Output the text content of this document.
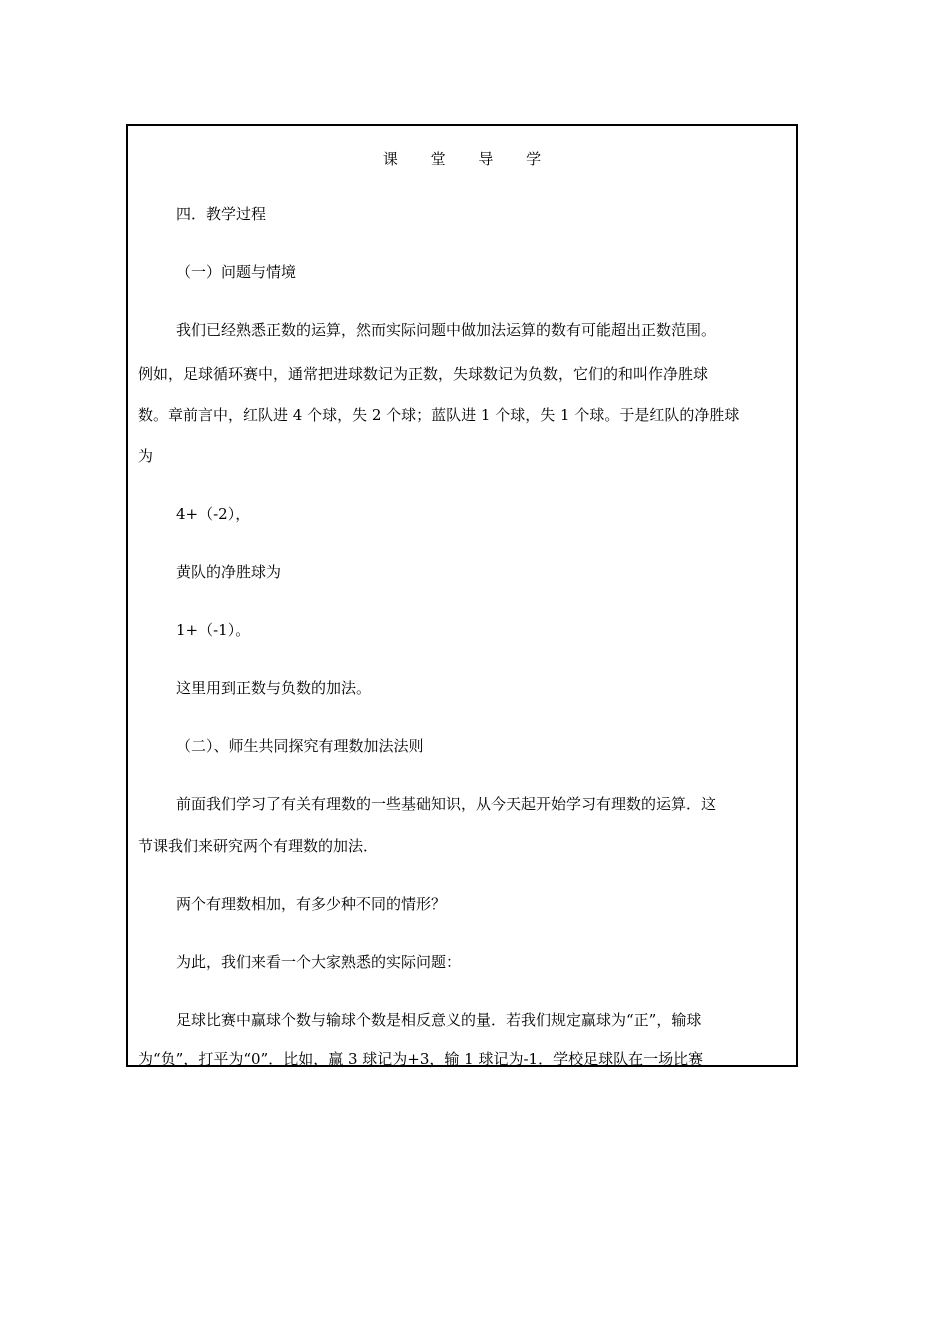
课 堂 导 学
四．教学过程
（一）问题与情境
我们已经熟悉正数的运算，然而实际问题中做加法运算的数有可能超出正数范围。
例如，足球循环赛中，通常把进球数记为正数，失球数记为负数，它们的和叫作净胜球
数。章前言中，红队进 4 个球，失 2 个球；蓝队进 1 个球，失 1 个球。于是红队的净胜球
为
4+（-2），
黄队的净胜球为
1+（-1）。
这里用到正数与负数的加法。
（二）、师生共同探究有理数加法法则
前面我们学习了有关有理数的一些基础知识，从今天起开始学习有理数的运算．这
节课我们来研究两个有理数的加法．
两个有理数相加，有多少种不同的情形？
为此，我们来看一个大家熟悉的实际问题：
足球比赛中赢球个数与输球个数是相反意义的量．若我们规定赢球为“正”，输球
为“负”，打平为“0”．比如，赢 3 球记为+3，输 1 球记为-1．学校足球队在一场比赛
